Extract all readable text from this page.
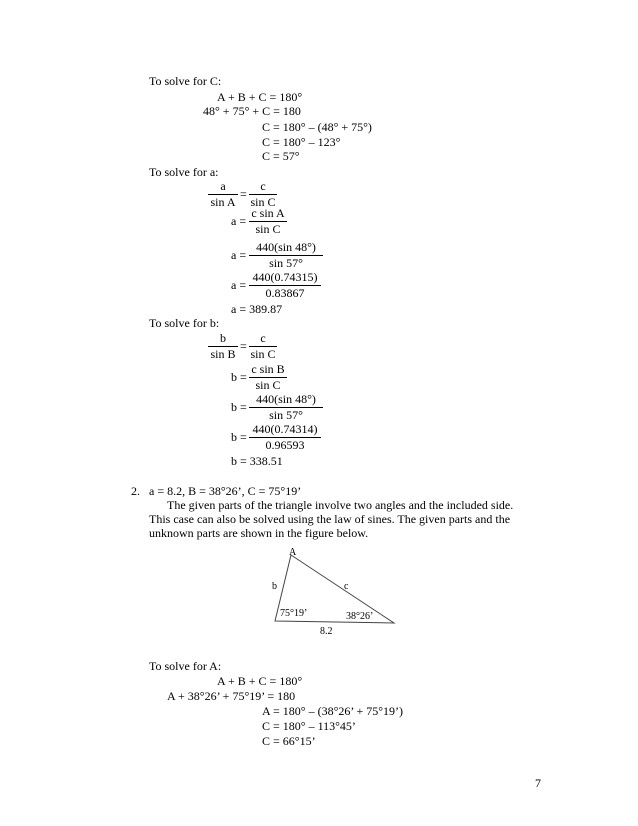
To solve for C:
A + B + C = 180°
48° + 75° + C = 180
C = 180° – (48° + 75°)
C = 180° – 123°
C = 57°
To solve for a:
a
sin A
=
c
sin C
a =
c sin A
sin C
a =
440(sin 48°)
sin 57°
a =
440(0.74315)
0.83867
a = 389.87
To solve for b:
b
sin B
=
c
sin C
b =
c sin B
sin C
b =
440(sin 48°)
sin 57°
b =
440(0.74314)
0.96593
b = 338.51
2. a = 8.2, B = 38°26’, C = 75°19’
The given parts of the triangle involve two angles and the included side.
This case can also be solved using the law of sines. The given parts and the
unknown parts are shown in the figure below.
A
b	c
75°19’	38°26’
8.2
To solve for A:
A + B + C = 180°
A + 38°26’ + 75°19’ = 180
A = 180° – (38°26’ + 75°19’)
C = 180° – 113°45’
C = 66°15’
7
